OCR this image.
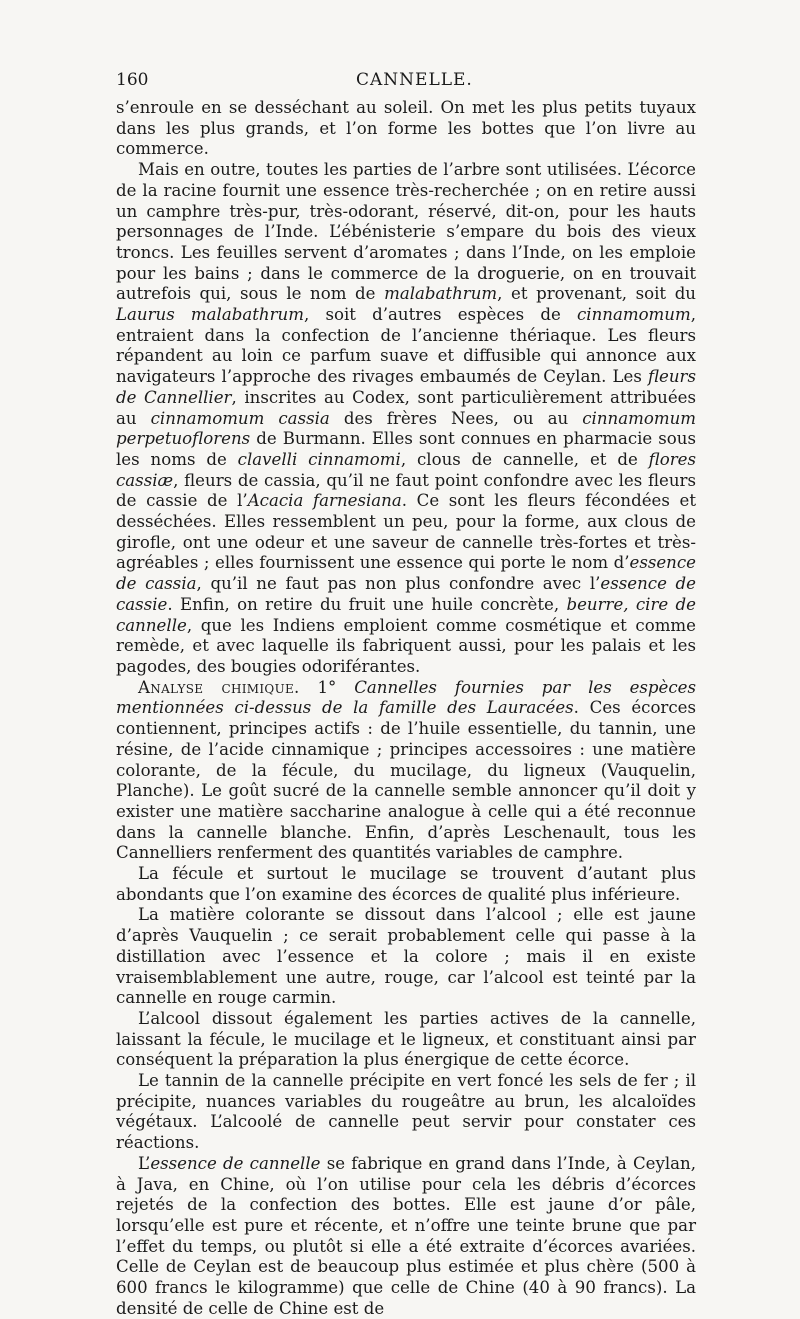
160	CANNELLE.

s’enroule en se desséchant au soleil. On met les plus petits tuyaux dans les plus grands, et l’on forme les bottes que l’on livre au commerce.

Mais en outre, toutes les parties de l’arbre sont utilisées. L’écorce de la racine fournit une essence très-recherchée ; on en retire aussi un camphre très-pur, très-odorant, réservé, dit-on, pour les hauts personnages de l’Inde. L’ébénisterie s’empare du bois des vieux troncs. Les feuilles servent d’aromates ; dans l’Inde, on les emploie pour les bains ; dans le commerce de la droguerie, on en trouvait autrefois qui, sous le nom de malabathrum, et provenant, soit du Laurus malabathrum, soit d’autres espèces de cinnamomum, entraient dans la confection de l’ancienne thériaque. Les fleurs répandent au loin ce parfum suave et diffusible qui annonce aux navigateurs l’approche des rivages embaumés de Ceylan. Les fleurs de Cannellier, inscrites au Codex, sont particulièrement attribuées au cinnamomum cassia des frères Nees, ou au cinnamomum perpetuoflorens de Burmann. Elles sont connues en pharmacie sous les noms de clavelli cinnamomi, clous de cannelle, et de flores cassiæ, fleurs de cassia, qu’il ne faut point confondre avec les fleurs de cassie de l’Acacia farnesiana. Ce sont les fleurs fécondées et desséchées. Elles ressemblent un peu, pour la forme, aux clous de girofle, ont une odeur et une saveur de cannelle très-fortes et très-agréables ; elles fournissent une essence qui porte le nom d’essence de cassia, qu’il ne faut pas non plus confondre avec l’essence de cassie. Enfin, on retire du fruit une huile concrète, beurre, cire de cannelle, que les Indiens emploient comme cosmétique et comme remède, et avec laquelle ils fabriquent aussi, pour les palais et les pagodes, des bougies odoriférantes.

Analyse chimique. 1° Cannelles fournies par les espèces mentionnées ci-dessus de la famille des Lauracées. Ces écorces contiennent, principes actifs : de l’huile essentielle, du tannin, une résine, de l’acide cinnamique ; principes accessoires : une matière colorante, de la fécule, du mucilage, du ligneux (Vauquelin, Planche). Le goût sucré de la cannelle semble annoncer qu’il doit y exister une matière saccharine analogue à celle qui a été reconnue dans la cannelle blanche. Enfin, d’après Leschenault, tous les Cannelliers renferment des quantités variables de camphre.

La fécule et surtout le mucilage se trouvent d’autant plus abondants que l’on examine des écorces de qualité plus inférieure.

La matière colorante se dissout dans l’alcool ; elle est jaune d’après Vauquelin ; ce serait probablement celle qui passe à la distillation avec l’essence et la colore ; mais il en existe vraisemblablement une autre, rouge, car l’alcool est teinté par la cannelle en rouge carmin.

L’alcool dissout également les parties actives de la cannelle, laissant la fécule, le mucilage et le ligneux, et constituant ainsi par conséquent la préparation la plus énergique de cette écorce.

Le tannin de la cannelle précipite en vert foncé les sels de fer ; il précipite, nuances variables du rougeâtre au brun, les alcaloïdes végétaux. L’alcoolé de cannelle peut servir pour constater ces réactions.

L’essence de cannelle se fabrique en grand dans l’Inde, à Ceylan, à Java, en Chine, où l’on utilise pour cela les débris d’écorces rejetés de la confection des bottes. Elle est jaune d’or pâle, lorsqu’elle est pure et récente, et n’offre une teinte brune que par l’effet du temps, ou plutôt si elle a été extraite d’écorces avariées. Celle de Ceylan est de beaucoup plus estimée et plus chère (500 à 600 francs le kilogramme) que celle de Chine (40 à 90 francs). La densité de celle de Chine est de
